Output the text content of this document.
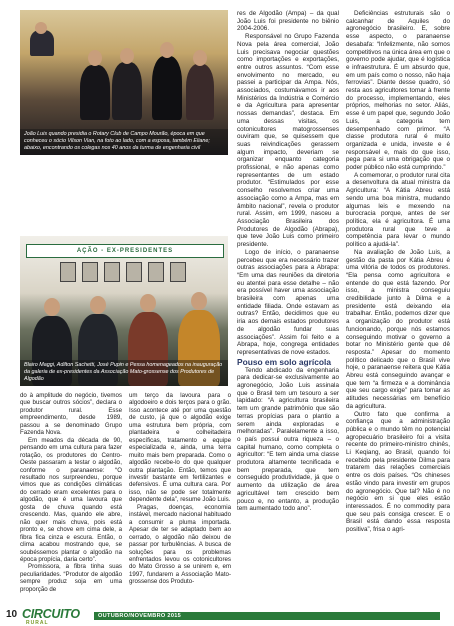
João Luis quando presidia o Rotary Club de Campo Mourão, época em que conheceu o sócio Vilson Vian, na foto ao lado, com a esposa, também Eliane; abaixo, encontrando os colegas nos 40 anos da turma de engenharia civil
AÇÃO - EX-PRESIDENTES
Blairo Maggi, Adilton Sachetti, José Pupin e Pessa homenageados na inauguração da galeria de ex-presidentes da Associação Mato-grossense dos Produtores de Algodão

do à amplitude do negócio, tivemos que buscar outros sócios”, declara o produtor rural. Esse empreendimento, desde 1989, passou a se denominado Grupo Fazenda Nova.

Em meados da década de 90, pensando em uma cultura para fazer rotação, os produtores do Centro-Oeste passaram a testar o algodão, conforme o paranaense: “O resultado nos surpreendeu, porque vimos que as condições climáticas do cerrado eram excelentes para o algodão, que é uma lavoura que gosta de chuva quando está crescendo. Mas, quando ele abre, não quer mais chuva, pois está pronto e, se chove em cima dele, a fibra fica cinza e escura. Então, o clima acabou mostrando que, se soubéssemos plantar o algodão na época propícia, daria certo”.

Promissora, a fibra tinha suas peculiaridades. “Produtor de algodão sempre produz soja em uma proporção de

um terço da lavoura para o algodoeiro e dois terços para o grão. Isso acontece até por uma questão de custo, já que o algodão exige uma estrutura bem própria, com plantadeira e colheitadeira específicas, tratamento e equipe especializada e, ainda, uma terra muito mais bem preparada. Como o algodão recebe-lo do que qualquer outra plantação. Então, temos que investir bastante em fertilizantes e defensivos. É uma cultura cara. Por isso, não se pode ser totalmente dependente dela”, resume João Luis.

Pragas, doenças, economia instável, mercado nacional habituado a consumir a pluma importada. Apesar de ter se adaptado bem ao cerrado, o algodão não deixou de passar por turbulências. A busca de soluções para os problemas enfrentados levou os cotonicultores do Mato Grosso a se unirem e, em 1997, fundarem a Associação Mato-grossense dos Produto-

res de Algodão (Ampa) – da qual João Luis foi presidente no biênio 2004-2006.

Responsável no Grupo Fazenda Nova pela área comercial, João Luis precisava negociar questões como importações e exportações, entre outros assuntos. “Com esse envolvimento no mercado, eu passei a participar da Ampa. Nós, associados, costumávamos ir aos Ministérios da Indústria e Comércio e da Agricultura para apresentar nossas demandas”, destaca. Em uma dessas visitas, os cotonicultores matogrossenses ouviram que, se quisessem que suas reivindicações gerassem algum impacto, deveriam se organizar enquanto categoria profissional, e não apenas como representantes de um estado produtor. “Estimulados por esse conselho resolvemos criar uma associação como a Ampa, mas em âmbito nacional”, revela o produtor rural. Assim, em 1999, nasceu a Associação Brasileira dos Produtores de Algodão (Abrapa), que teve João Luis como primeiro presidente.

Logo de início, o paranaense percebeu que era necessário trazer outras associações para a Abrapa: “Em uma das reuniões da diretoria eu atentei para esse detalhe – não era possível haver uma associação brasileira com apenas uma entidade filiada. Onde estavam as outras? Então, decidimos que eu iria aos demais estados produtores de algodão fundar suas associações”. Assim foi feito e a Abrapa, hoje, congrega entidades representativas de nove estados.

Pouso em solo agrícola

Tendo abdicado da engenharia para dedicar-se exclusivamente ao agronegócio, João Luis assinala que o Brasil tem um tesouro a ser lapidado: “A agricultura brasileira tem um grande patrimônio que são terras propícias para o plantio a serem ainda exploradas e melhoradas”. Paralelamente a isso, o país possui outra riqueza – o capital humano, como completa o agricultor: “E tem ainda uma classe produtora altamente tecnificada e bem preparada, que tem conseguido produtividade, já que o aumento da utilização de área agricultável tem crescido bem pouco e, no entanto, a produção tem aumentado todo ano”.

Deficiências estruturais são o calcanhar de Aquiles do agronegócio brasileiro. E, sobre esse aspecto, o paranaense desabafa: “Infelizmente, não somos competitivos na única área em que o governo pode ajudar, que é logística e infraestrutura. É um absurdo que, em um país como o nosso, não haja ferrovias”. Diante desse quadro, só resta aos agricultores tomar à frente do processo, implementando, eles próprios, melhorias no setor. Aliás, esse é um papel que, segundo João Luis, a categoria tem desempenhado com primor. “A classe produtora rural é muito organizada e unida, investe e é responsável e, mais do que isso, pega para si uma obrigação que o poder público não está cumprindo.”

A comemorar, o produtor rural cita a desenvoltura da atual ministra da Agricultura: “A Kátia Abreu está sendo uma boa ministra, mudando algumas leis e mexendo na burocracia porque, antes de ser política, ela é agricultora. É uma produtora rural que teve a competência para levar o mundo político a ajudá-la”.

Na avaliação de João Luis, a gestão da pasta por Kátia Abreu é uma vitória de todos os produtores. “Ela pensa como agricultora e entende do que está fazendo. Por isso, a ministra conseguiu credibilidade junto à Dilma e a presidente está deixando ela trabalhar. Então, podemos dizer que a organização do produtor está funcionando, porque nós estamos conseguindo motivar o governo a botar no Ministério gente que dê resposta.” Apesar do momento político delicado que o Brasil vive hoje, o paranaense reitera que Kátia Abreu está conseguindo avançar e que tem “a firmeza e a dominância que seu cargo exige” para tomar as atitudes necessárias em benefício da agricultura.

Outro fato que confirma a confiança que a administração pública e o mundo têm no potencial agropecuário brasileiro foi a visita recente do primeiro-ministro chinês, Li Keqiang, ao Brasil, quando foi recebido pela presidente Dilma para tratarem das relações comerciais entre os dois países. “Os chineses estão vindo para investir em grupos do agronegócio. Que tal? Não é no negócio em si que eles estão interessados. É no commodity para que seu país consiga crescer. E o Brasil está dando essa resposta positiva”, frisa o agri-

10 CIRCUITO
RURAL
OUTUBRO/NOVEMBRO 2015
